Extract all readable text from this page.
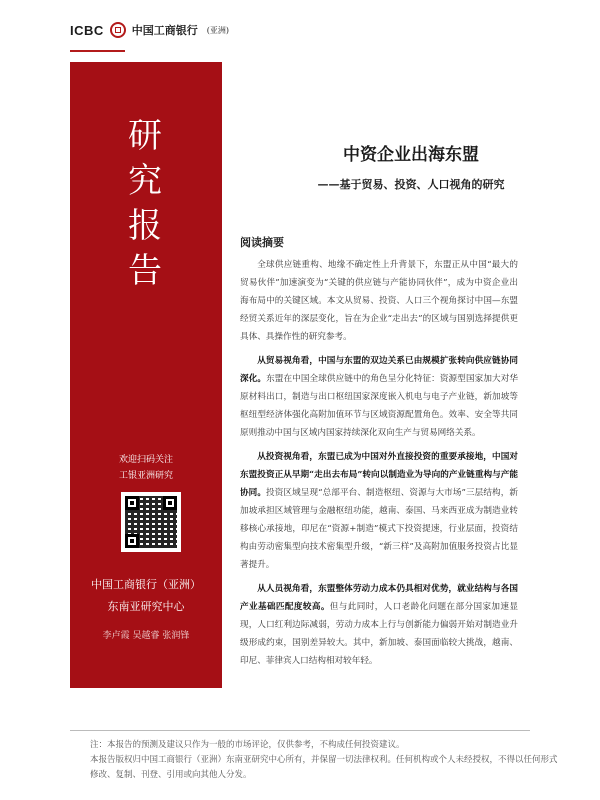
ICBC	中国工商银行 (亚洲)
研
究
报
告
欢迎扫码关注
工银亚洲研究
中国工商银行（亚洲）
东南亚研究中心
李卢霞 吴越睿 张润锋
中资企业出海东盟
——基于贸易、投资、人口视角的研究
阅读摘要

全球供应链重构、地缘不确定性上升背景下，东盟正从中国“最大的贸易伙伴”加速演变为“关键的供应链与产能协同伙伴”，成为中资企业出海布局中的关键区域。本文从贸易、投资、人口三个视角探讨中国—东盟经贸关系近年的深层变化，旨在为企业“走出去”的区域与国别选择提供更具体、具操作性的研究参考。

从贸易视角看，中国与东盟的双边关系已由规模扩张转向供应链协同深化。东盟在中国全球供应链中的角色呈分化特征：资源型国家加大对华原材料出口，制造与出口枢纽国家深度嵌入机电与电子产业链，新加坡等枢纽型经济体强化高附加值环节与区域资源配置角色。效率、安全等共同原则推动中国与区域内国家持续深化双向生产与贸易网络关系。

从投资视角看，东盟已成为中国对外直接投资的重要承接地，中国对东盟投资正从早期“走出去布局”转向以制造业为导向的产业链重构与产能协同。投资区域呈现“总部平台、制造枢纽、资源与大市场”三层结构，新加坡承担区域管理与金融枢纽功能，越南、泰国、马来西亚成为制造业转移核心承接地，印尼在“资源+制造”模式下投资提速，行业层面，投资结构由劳动密集型向技术密集型升级，“新三样”及高附加值服务投资占比显著提升。

从人员视角看，东盟整体劳动力成本仍具相对优势，就业结构与各国产业基础匹配度较高。但与此同时，人口老龄化问题在部分国家加速显现，人口红利边际减弱，劳动力成本上行与创新能力偏弱开始对制造业升级形成约束，国别差异较大。其中，新加坡、泰国面临较大挑战，越南、印尼、菲律宾人口结构相对较年轻。

注：本报告的预测及建议只作为一般的市场评论，仅供参考，不构成任何投资建议。
本报告版权归中国工商银行（亚洲）东南亚研究中心所有，并保留一切法律权利。任何机构或个人未经授权，不得以任何形式修改、复制、刊登、引用或向其他人分发。
